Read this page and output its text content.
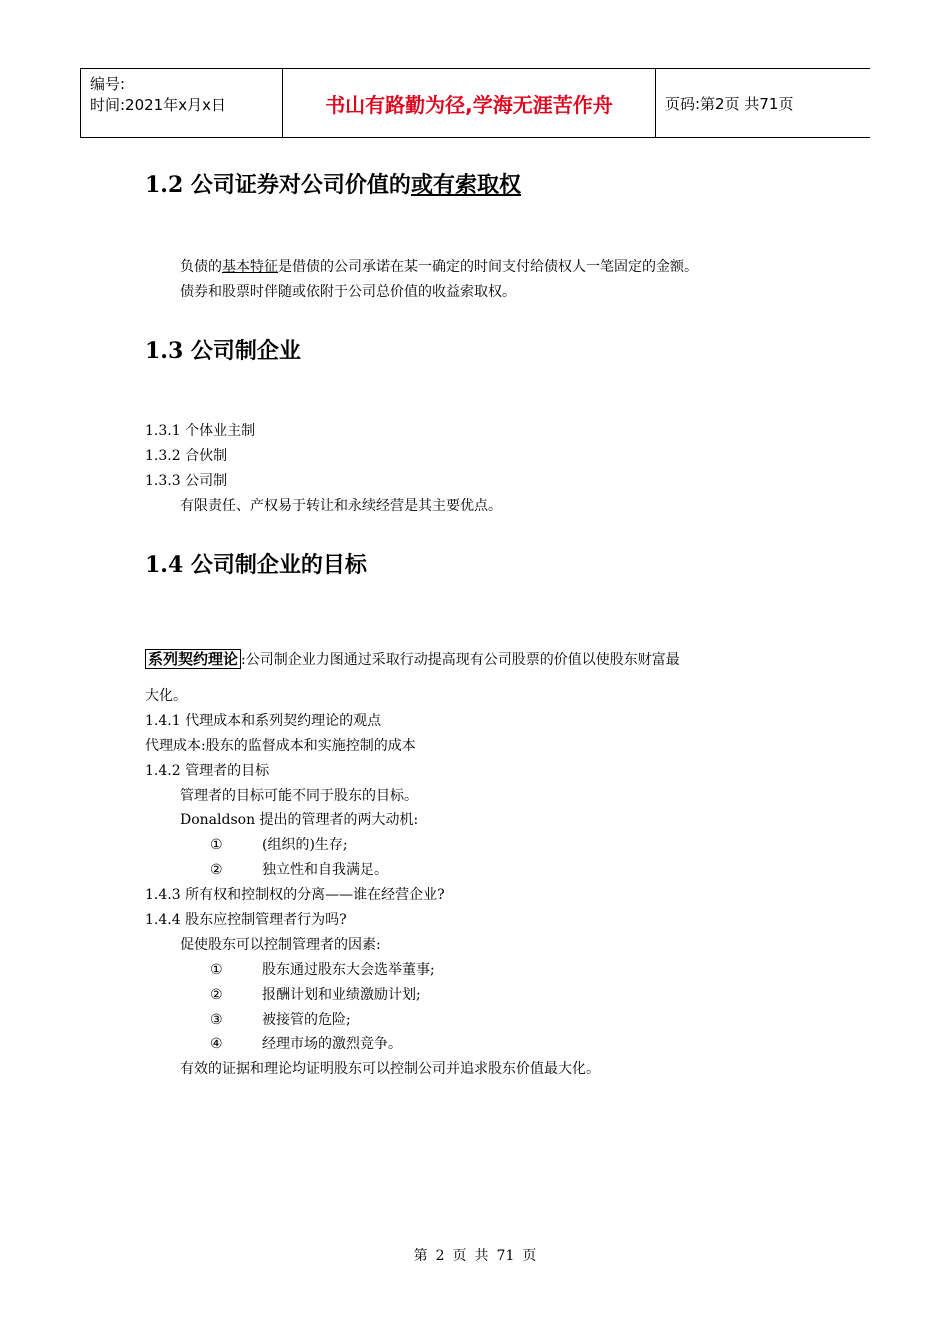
编号:
时间:2021年x月x日	书山有路勤为径,学海无涯苦作舟	页码:第2页 共71页
1.2 公司证券对公司价值的或有索取权
负债的基本特征是借债的公司承诺在某一确定的时间支付给债权人一笔固定的金额。
债券和股票时伴随或依附于公司总价值的收益索取权。
1.3 公司制企业
1.3.1 个体业主制
1.3.2 合伙制
1.3.3 公司制
有限责任、产权易于转让和永续经营是其主要优点。
1.4 公司制企业的目标
系列契约理论 :公司制企业力图通过采取行动提高现有公司股票的价值以使股东财富最
大化。
1.4.1 代理成本和系列契约理论的观点
代理成本:股东的监督成本和实施控制的成本
1.4.2 管理者的目标
管理者的目标可能不同于股东的目标。
Donaldson 提出的管理者的两大动机:
①	(组织的)生存;
②	独立性和自我满足。
1.4.3 所有权和控制权的分离——谁在经营企业?
1.4.4 股东应控制管理者行为吗?
促使股东可以控制管理者的因素:
①	股东通过股东大会选举董事;
②	报酬计划和业绩激励计划;
③	被接管的危险;
④	经理市场的激烈竞争。
有效的证据和理论均证明股东可以控制公司并追求股东价值最大化。
第 2 页 共 71 页
